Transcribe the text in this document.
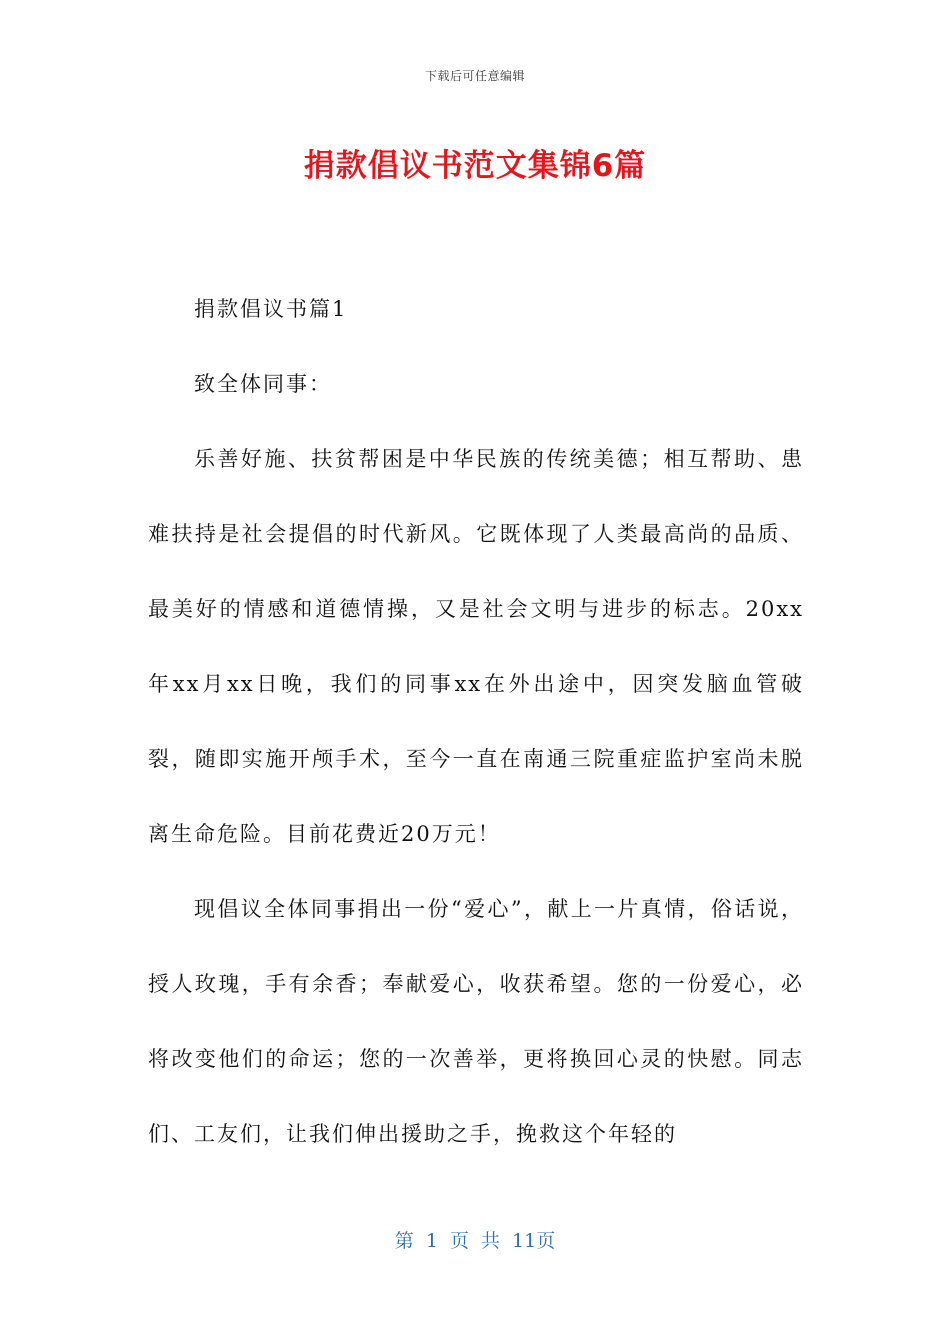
下载后可任意编辑
捐款倡议书范文集锦6篇

捐款倡议书篇1

致全体同事：

乐善好施、扶贫帮困是中华民族的传统美德；相互帮助、患难扶持是社会提倡的时代新风。它既体现了人类最高尚的品质、最美好的情感和道德情操，又是社会文明与进步的标志。20xx年xx月xx日晚，我们的同事xx在外出途中，因突发脑血管破裂，随即实施开颅手术，至今一直在南通三院重症监护室尚未脱离生命危险。目前花费近20万元！

现倡议全体同事捐出一份“爱心”，献上一片真情，俗话说，授人玫瑰，手有余香；奉献爱心，收获希望。您的一份爱心，必将改变他们的命运；您的一次善举，更将换回心灵的快慰。同志们、工友们，让我们伸出援助之手，挽救这个年轻的

第 1 页 共 11页
